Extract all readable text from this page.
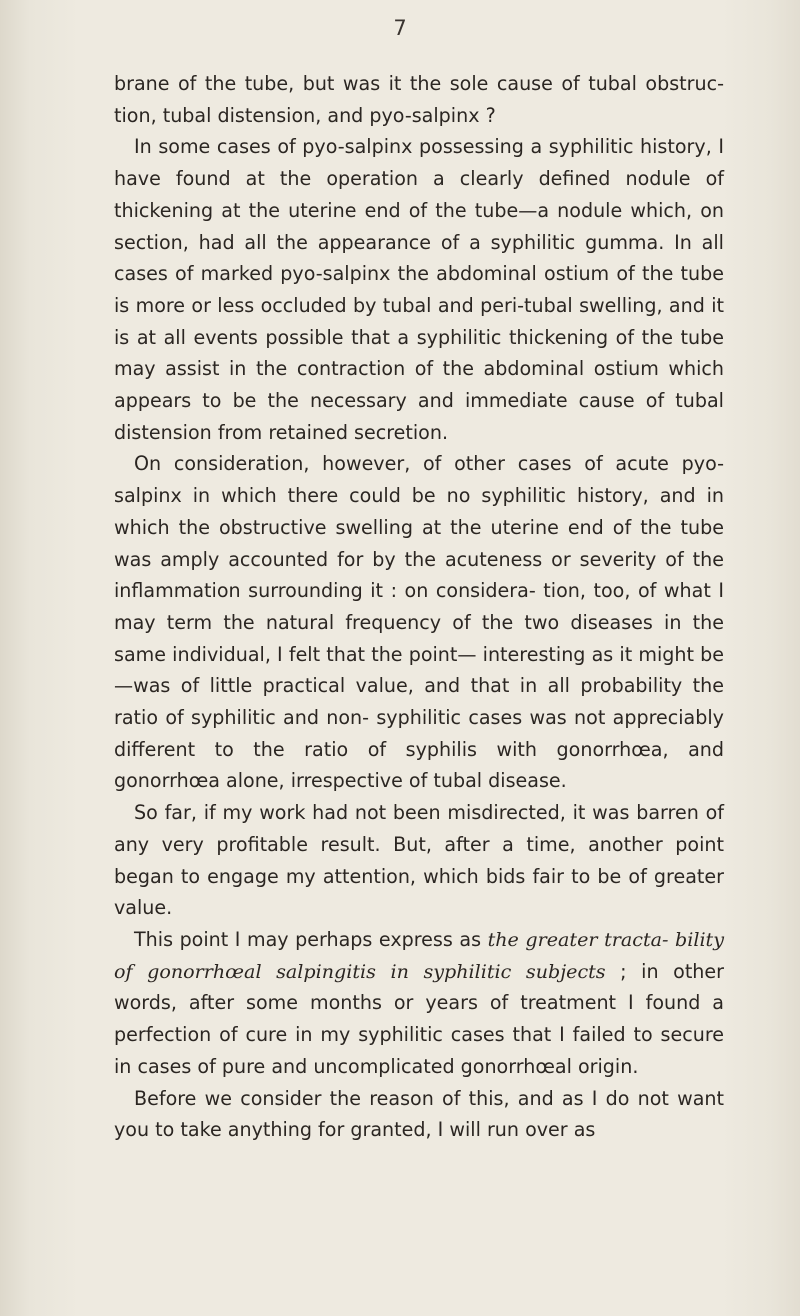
7

brane of the tube, but was it the sole cause of tubal obstruc- tion, tubal distension, and pyo-salpinx ?

In some cases of pyo-salpinx possessing a syphilitic history, I have found at the operation a clearly defined nodule of thickening at the uterine end of the tube—a nodule which, on section, had all the appearance of a syphilitic gumma. In all cases of marked pyo-salpinx the abdominal ostium of the tube is more or less occluded by tubal and peri-tubal swelling, and it is at all events possible that a syphilitic thickening of the tube may assist in the contraction of the abdominal ostium which appears to be the necessary and immediate cause of tubal distension from retained secretion.

On consideration, however, of other cases of acute pyo-salpinx in which there could be no syphilitic history, and in which the obstructive swelling at the uterine end of the tube was amply accounted for by the acuteness or severity of the inflammation surrounding it : on considera- tion, too, of what I may term the natural frequency of the two diseases in the same individual, I felt that the point— interesting as it might be—was of little practical value, and that in all probability the ratio of syphilitic and non- syphilitic cases was not appreciably different to the ratio of syphilis with gonorrhœa, and gonorrhœa alone, irrespective of tubal disease.

So far, if my work had not been misdirected, it was barren of any very profitable result. But, after a time, another point began to engage my attention, which bids fair to be of greater value.

This point I may perhaps express as the greater tracta- bility of gonorrhœal salpingitis in syphilitic subjects ; in other words, after some months or years of treatment I found a perfection of cure in my syphilitic cases that I failed to secure in cases of pure and uncomplicated gonorrhœal origin.

Before we consider the reason of this, and as I do not want you to take anything for granted, I will run over as
